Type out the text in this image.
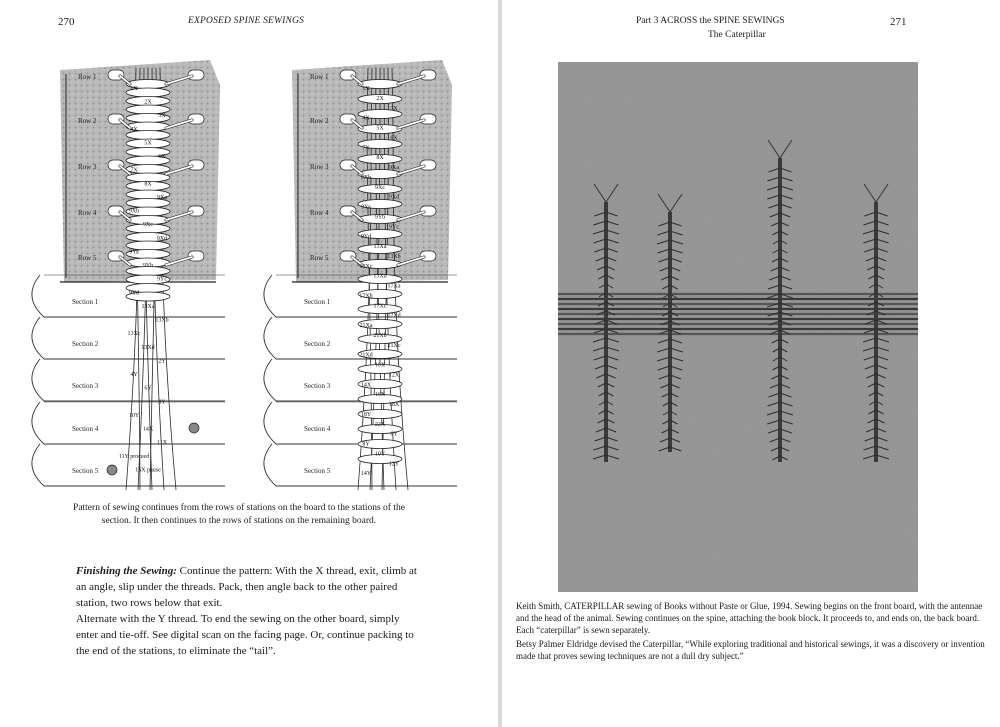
270	EXPOSED SPINE SEWINGS
Row 1
Row 2
Row 3
Row 4
Row 5
Section 1
Section 2
Section 3
Section 4
Section 5
1X
2X
3X
4X
5X
6X
7X
8X
9Xa
9Xb
9Xc
9Xd
9Ya
9Yb
9Yc
9Yd
13Xa
13Xb
13Xc
13Xd
2Y
4Y
6Y
8Y
10Y
14X
11X
11Y proceed
15X pause
Row 1
Row 2
Row 3
Row 4
Row 5
Section 1
Section 2
Section 3
Section 4
Section 5
1X
2X
3X
4X
5X
6X
7X
8X
9Xa
9Xb
9Xc
9Xd
9Ya
9Yb
9Yc
9Yd
13Xa
13Xb
13Xc
13Xd
17Xa
17Xb
17Xc
17Xd
21Xa
21Xb
21Xc
21Xd
10X
12X
14X
16X
18X
18Y
22X
6Y
8Y
10Y
12Y
14Y
Pattern of sewing continues from the rows of stations on the board to the stations of the section. It then continues to the rows of stations on the remaining board.
Finishing the Sewing: Continue the pattern: With the X thread, exit, climb at an angle, slip under the threads. Pack, then angle back to the other paired station, two rows below that exit.
Alternate with the Y thread. To end the sewing on the other board, simply enter and tie-off. See digital scan on the facing page. Or, continue packing to the end of the stations, to eliminate the “tail”.
Part 3 ACROSS the SPINE SEWINGS	271
The Caterpillar
Keith Smith, CATERPILLAR sewing of Books without Paste or Glue, 1994. Sewing begins on the front board, with the antennae and the head of the animal. Sewing continues on the spine, attaching the book block. It proceeds to, and ends on, the back board. Each “caterpillar” is sewn separately.
Betsy Palmer Eldridge devised the Caterpillar, “While exploring traditional and historical sewings, it was a discovery or invention made that proves sewing techniques are not a dull dry subject.”
